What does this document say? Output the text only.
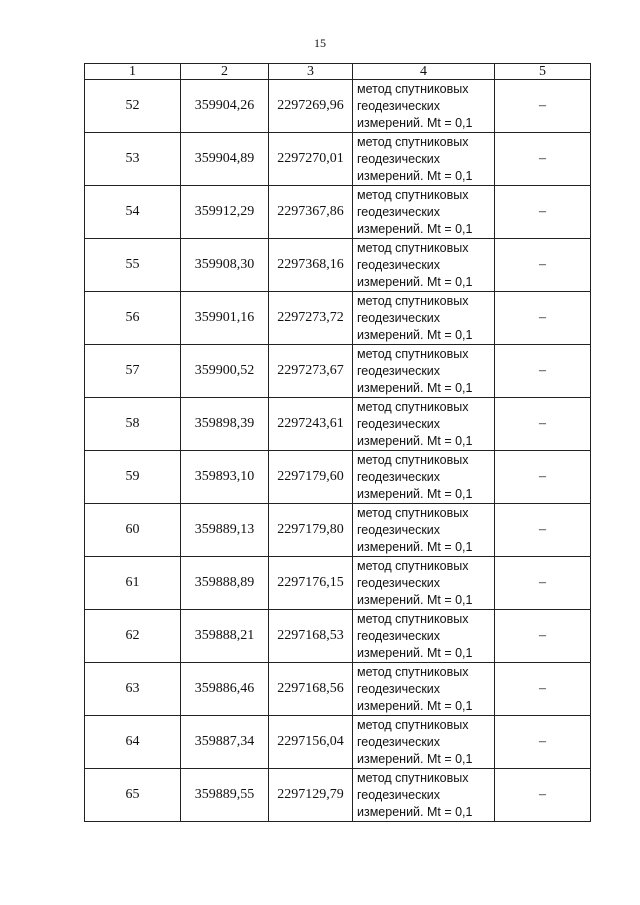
15
1	2	3	4	5
52	359904,26	2297269,96	метод спутниковых
геодезических
измерений. Mt = 0,1	–
53	359904,89	2297270,01	метод спутниковых
геодезических
измерений. Mt = 0,1	–
54	359912,29	2297367,86	метод спутниковых
геодезических
измерений. Mt = 0,1	–
55	359908,30	2297368,16	метод спутниковых
геодезических
измерений. Mt = 0,1	–
56	359901,16	2297273,72	метод спутниковых
геодезических
измерений. Mt = 0,1	–
57	359900,52	2297273,67	метод спутниковых
геодезических
измерений. Mt = 0,1	–
58	359898,39	2297243,61	метод спутниковых
геодезических
измерений. Mt = 0,1	–
59	359893,10	2297179,60	метод спутниковых
геодезических
измерений. Mt = 0,1	–
60	359889,13	2297179,80	метод спутниковых
геодезических
измерений. Mt = 0,1	–
61	359888,89	2297176,15	метод спутниковых
геодезических
измерений. Mt = 0,1	–
62	359888,21	2297168,53	метод спутниковых
геодезических
измерений. Mt = 0,1	–
63	359886,46	2297168,56	метод спутниковых
геодезических
измерений. Mt = 0,1	–
64	359887,34	2297156,04	метод спутниковых
геодезических
измерений. Mt = 0,1	–
65	359889,55	2297129,79	метод спутниковых
геодезических
измерений. Mt = 0,1	–
